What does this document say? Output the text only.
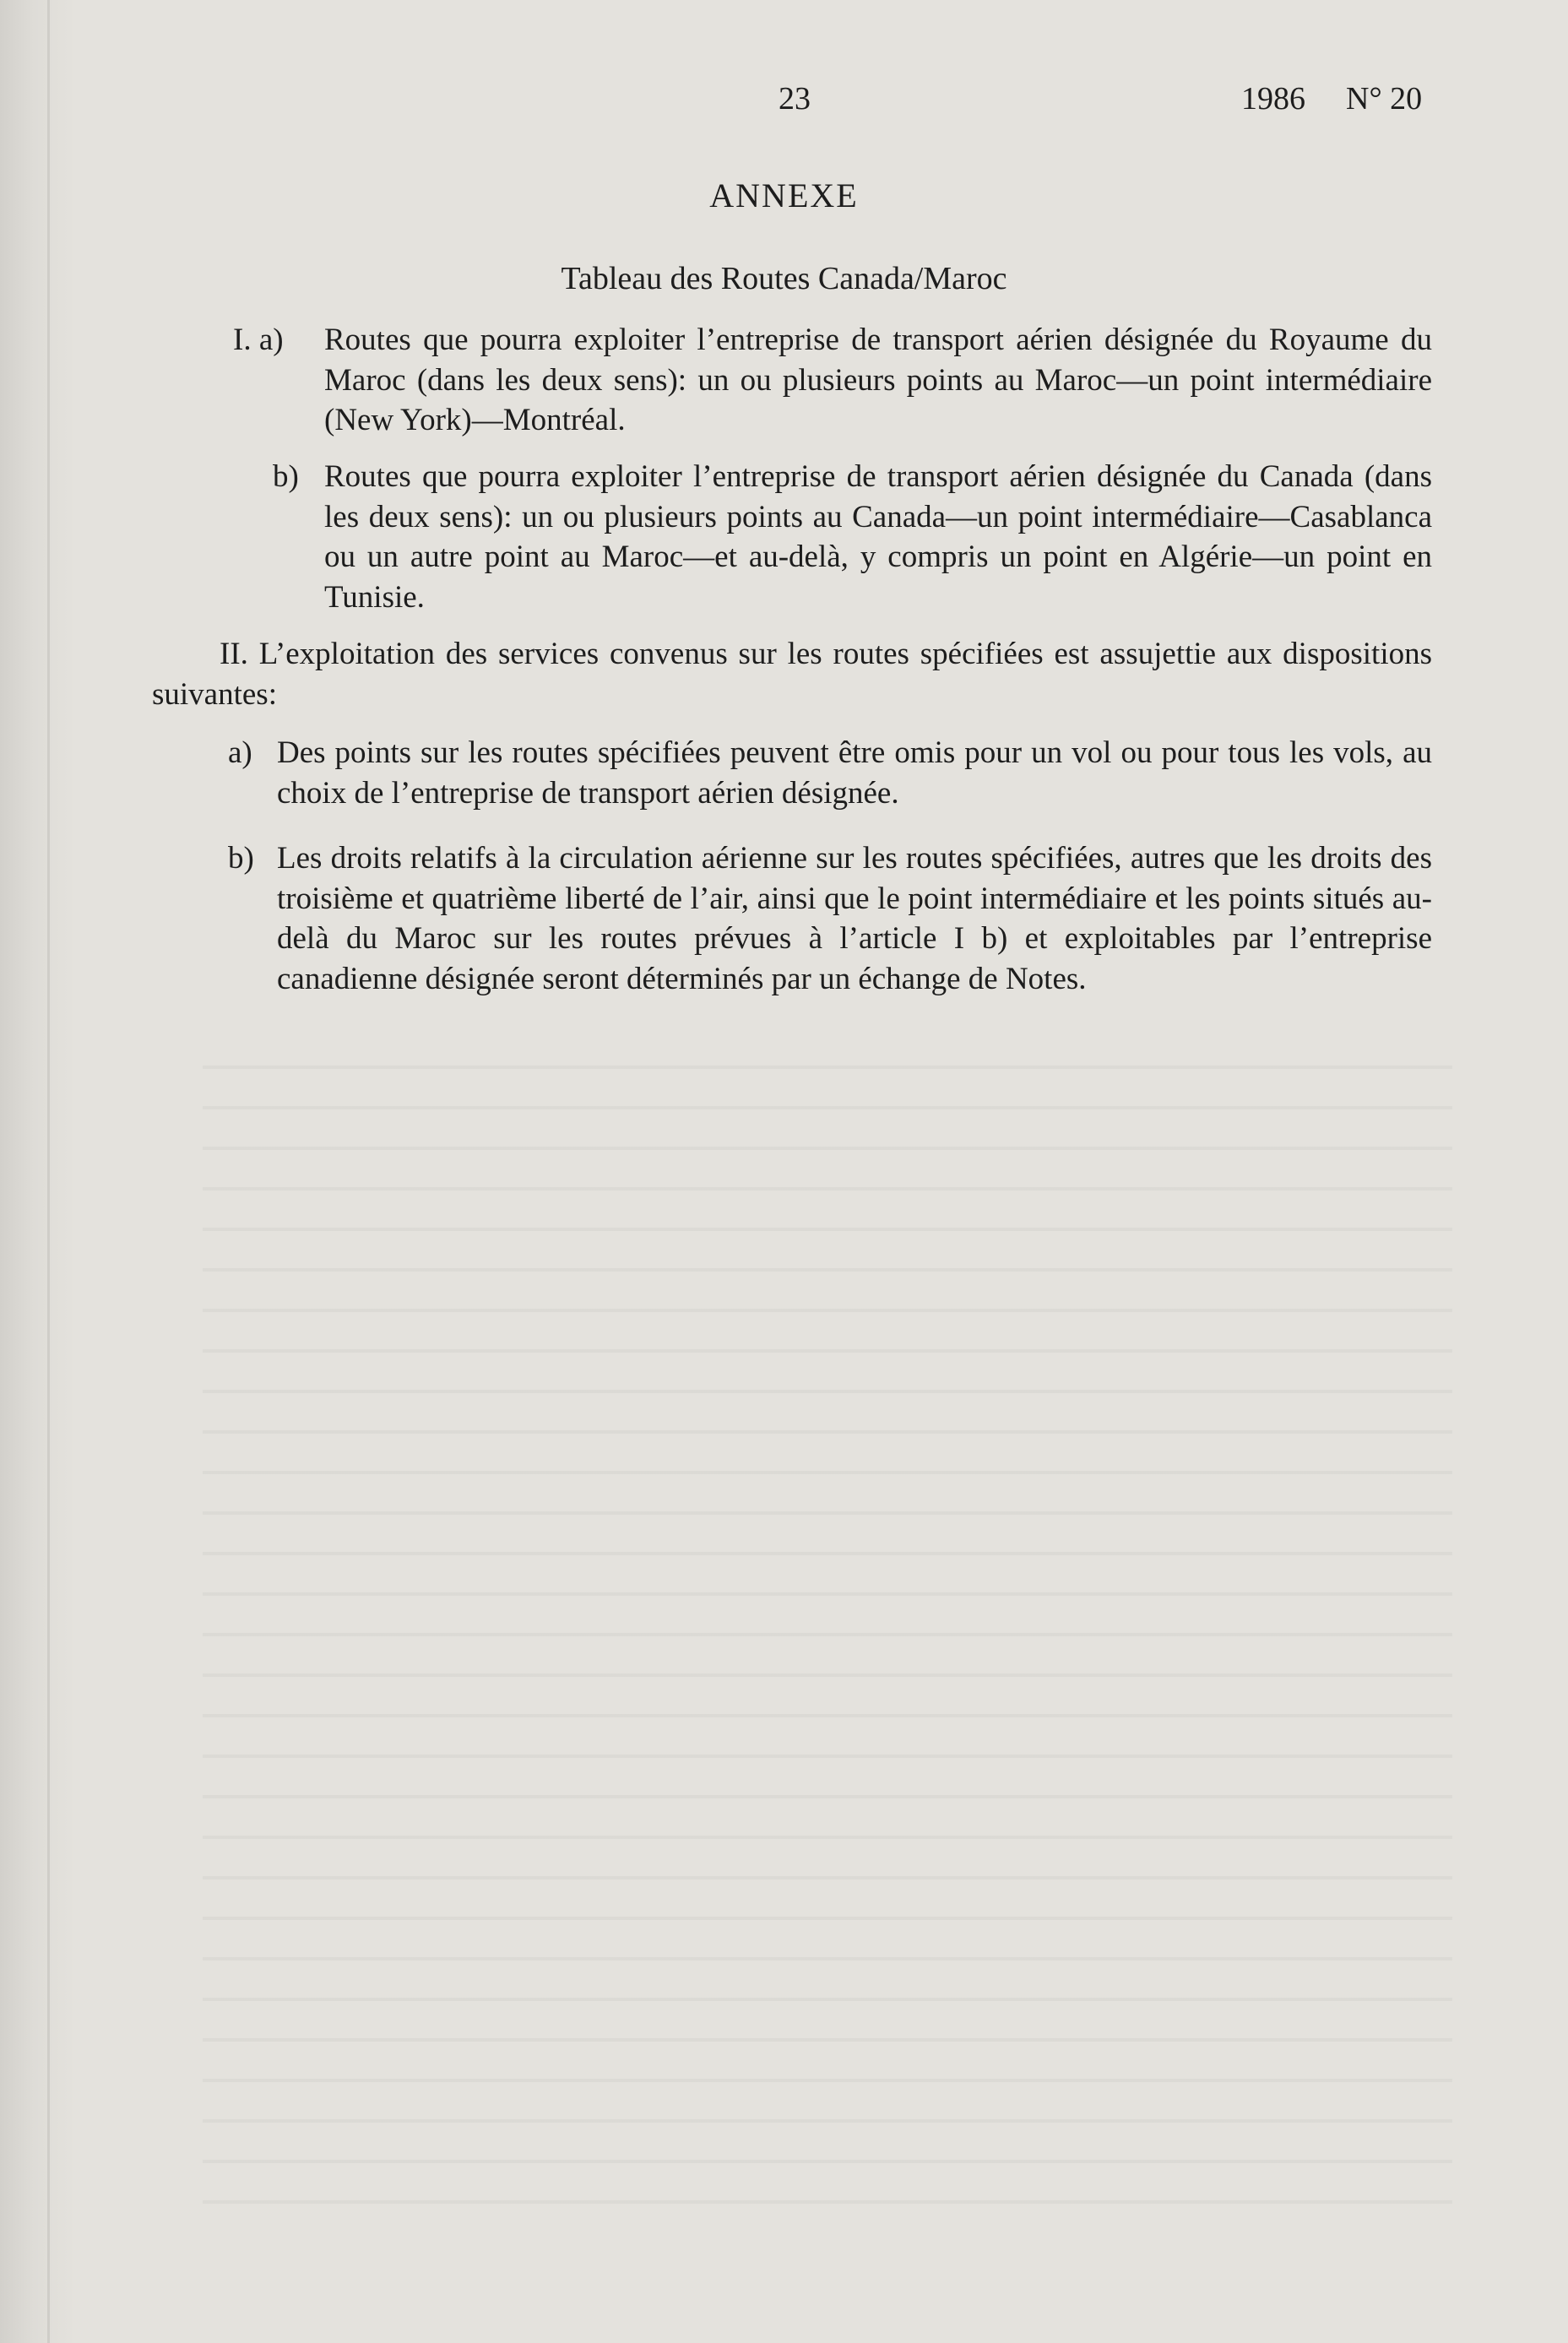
23	1986 N° 20
ANNEXE
Tableau des Routes Canada/Maroc
I. a) Routes que pourra exploiter l’entreprise de transport aérien désignée du Royaume du Maroc (dans les deux sens): un ou plusieurs points au Maroc—un point intermédiaire (New York)—Montréal.
b) Routes que pourra exploiter l’entreprise de transport aérien désignée du Canada (dans les deux sens): un ou plusieurs points au Canada—un point intermédiaire—Casablanca ou un autre point au Maroc—et au-delà, y compris un point en Algérie—un point en Tunisie.
II. L’exploitation des services convenus sur les routes spécifiées est assujettie aux dispositions suivantes:
a) Des points sur les routes spécifiées peuvent être omis pour un vol ou pour tous les vols, au choix de l’entreprise de transport aérien désignée.
b) Les droits relatifs à la circulation aérienne sur les routes spécifiées, autres que les droits des troisième et quatrième liberté de l’air, ainsi que le point intermédiaire et les points situés au-delà du Maroc sur les routes prévues à l’article I b) et exploitables par l’entreprise canadienne désignée seront déterminés par un échange de Notes.
